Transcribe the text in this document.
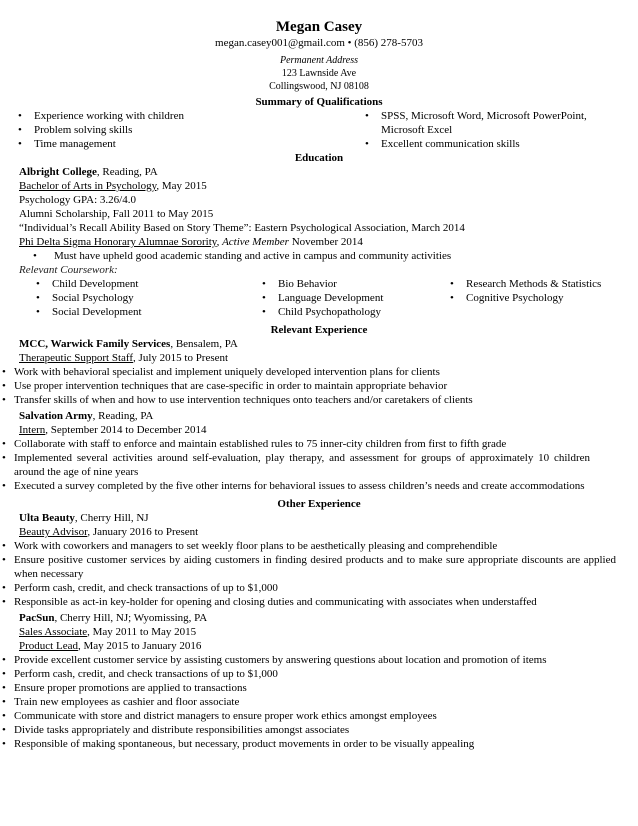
Megan Casey
megan.casey001@gmail.com • (856) 278-5703
Permanent Address
123 Lawnside Ave
Collingswood, NJ 08108
Summary of Qualifications
• Experience working with children
• Problem solving skills
• Time management
• SPSS, Microsoft Word, Microsoft PowerPoint, Microsoft Excel
• Excellent communication skills
Education
Albright College, Reading, PA
Bachelor of Arts in Psychology, May 2015
Psychology GPA: 3.26/4.0
Alumni Scholarship, Fall 2011 to May 2015
“Individual’s Recall Ability Based on Story Theme”: Eastern Psychological Association, March 2014
Phi Delta Sigma Honorary Alumnae Sorority, Active Member November 2014
• Must have upheld good academic standing and active in campus and community activities
Relevant Coursework:
• Child Development
• Social Psychology
• Social Development
• Bio Behavior
• Language Development
• Child Psychopathology
• Research Methods & Statistics
• Cognitive Psychology
Relevant Experience
MCC, Warwick Family Services, Bensalem, PA
Therapeutic Support Staff, July 2015 to Present
• Work with behavioral specialist and implement uniquely developed intervention plans for clients
• Use proper intervention techniques that are case-specific in order to maintain appropriate behavior
• Transfer skills of when and how to use intervention techniques onto teachers and/or caretakers of clients
Salvation Army, Reading, PA
Intern, September 2014 to December 2014
• Collaborate with staff to enforce and maintain established rules to 75 inner-city children from first to fifth grade
• Implemented several activities around self-evaluation, play therapy, and assessment for groups of approximately 10 children around the age of nine years
• Executed a survey completed by the five other interns for behavioral issues to assess children’s needs and create accommodations
Other Experience
Ulta Beauty, Cherry Hill, NJ
Beauty Advisor, January 2016 to Present
• Work with coworkers and managers to set weekly floor plans to be aesthetically pleasing and comprehendible
• Ensure positive customer services by aiding customers in finding desired products and to make sure appropriate discounts are applied when necessary
• Perform cash, credit, and check transactions of up to $1,000
• Responsible as act-in key-holder for opening and closing duties and communicating with associates when understaffed
PacSun, Cherry Hill, NJ; Wyomissing, PA
Sales Associate, May 2011 to May 2015
Product Lead, May 2015 to January 2016
• Provide excellent customer service by assisting customers by answering questions about location and promotion of items
• Perform cash, credit, and check transactions of up to $1,000
• Ensure proper promotions are applied to transactions
• Train new employees as cashier and floor associate
• Communicate with store and district managers to ensure proper work ethics amongst employees
• Divide tasks appropriately and distribute responsibilities amongst associates
• Responsible of making spontaneous, but necessary, product movements in order to be visually appealing
